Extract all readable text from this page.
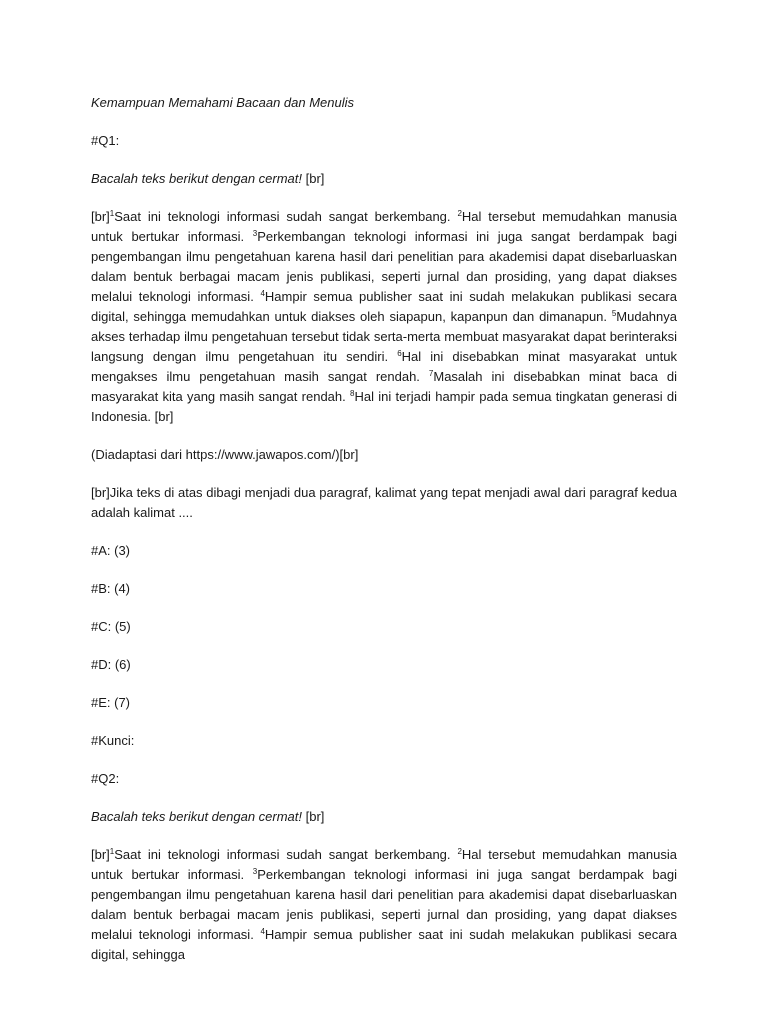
Kemampuan Memahami Bacaan dan Menulis

#Q1:

Bacalah teks berikut dengan cermat! [br]

[br]$^1$Saat ini teknologi informasi sudah sangat berkembang. $^2$Hal tersebut memudahkan manusia untuk bertukar informasi. $^3$Perkembangan teknologi informasi ini juga sangat berdampak bagi pengembangan ilmu pengetahuan karena hasil dari penelitian para akademisi dapat disebarluaskan dalam bentuk berbagai macam jenis publikasi, seperti jurnal dan prosiding, yang dapat diakses melalui teknologi informasi. $^4$Hampir semua publisher saat ini sudah melakukan publikasi secara digital, sehingga memudahkan untuk diakses oleh siapapun, kapanpun dan dimanapun. $^5$Mudahnya akses terhadap ilmu pengetahuan tersebut tidak serta-merta membuat masyarakat dapat berinteraksi langsung dengan ilmu pengetahuan itu sendiri. $^6$Hal ini disebabkan minat masyarakat untuk mengakses ilmu pengetahuan masih sangat rendah. $^7$Masalah ini disebabkan minat baca di masyarakat kita yang masih sangat rendah. $^8$Hal ini terjadi hampir pada semua tingkatan generasi di Indonesia. [br]

(Diadaptasi dari https://www.jawapos.com/)[br]

[br]Jika teks di atas dibagi menjadi dua paragraf, kalimat yang tepat menjadi awal dari paragraf kedua adalah kalimat ....

#A: (3)

#B: (4)

#C: (5)

#D: (6)

#E: (7)

#Kunci:

#Q2:

Bacalah teks berikut dengan cermat! [br]

[br]$^1$Saat ini teknologi informasi sudah sangat berkembang. $^2$Hal tersebut memudahkan manusia untuk bertukar informasi. $^3$Perkembangan teknologi informasi ini juga sangat berdampak bagi pengembangan ilmu pengetahuan karena hasil dari penelitian para akademisi dapat disebarluaskan dalam bentuk berbagai macam jenis publikasi, seperti jurnal dan prosiding, yang dapat diakses melalui teknologi informasi. $^4$Hampir semua publisher saat ini sudah melakukan publikasi secara digital, sehingga
